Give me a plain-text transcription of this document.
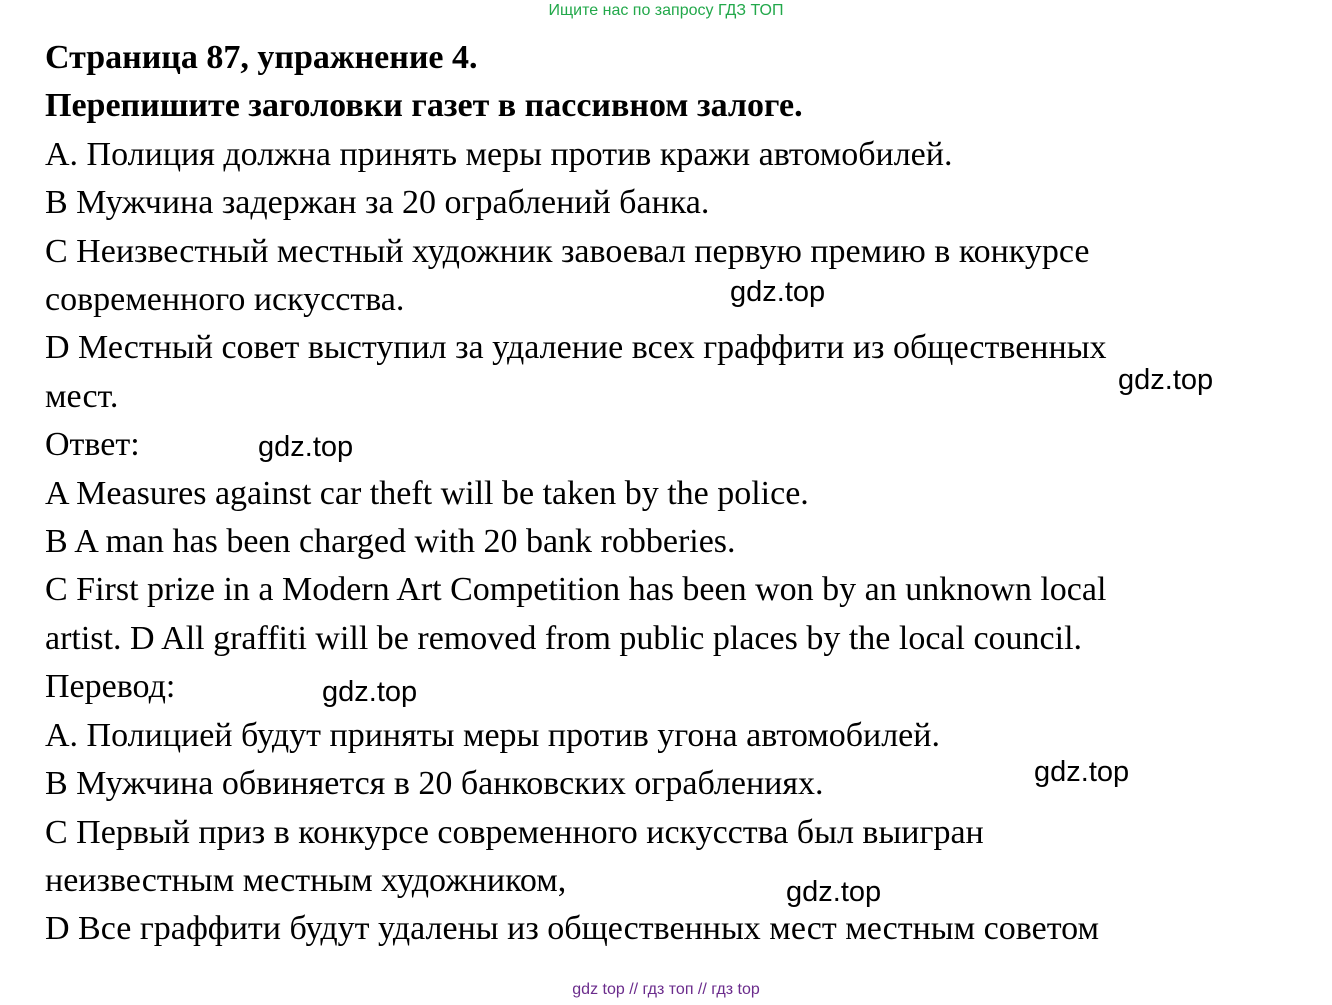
Ищите нас по запросу ГДЗ ТОП
Страница 87, упражнение 4.
Перепишите заголовки газет в пассивном залоге.
А. Полиция должна принять меры против кражи автомобилей.
В Мужчина задержан за 20 ограблений банка.
С Неизвестный местный художник завоевал первую премию в конкурсе
современного искусства.
D Местный совет выступил за удаление всех граффити из общественных
мест.
Ответ:
A Measures against car theft will be taken by the police.
B A man has been charged with 20 bank robberies.
C First prize in a Modern Art Competition has been won by an unknown local
artist. D All graffiti will be removed from public places by the local council.
Перевод:
А. Полицией будут приняты меры против угона автомобилей.
В Мужчина обвиняется в 20 банковских ограблениях.
С Первый приз в конкурсе современного искусства был выигран
неизвестным местным художником,
D Все граффити будут удалены из общественных мест местным советом
gdz.top
gdz.top
gdz.top
gdz.top
gdz.top
gdz.top
gdz top // гдз топ // гдз top
